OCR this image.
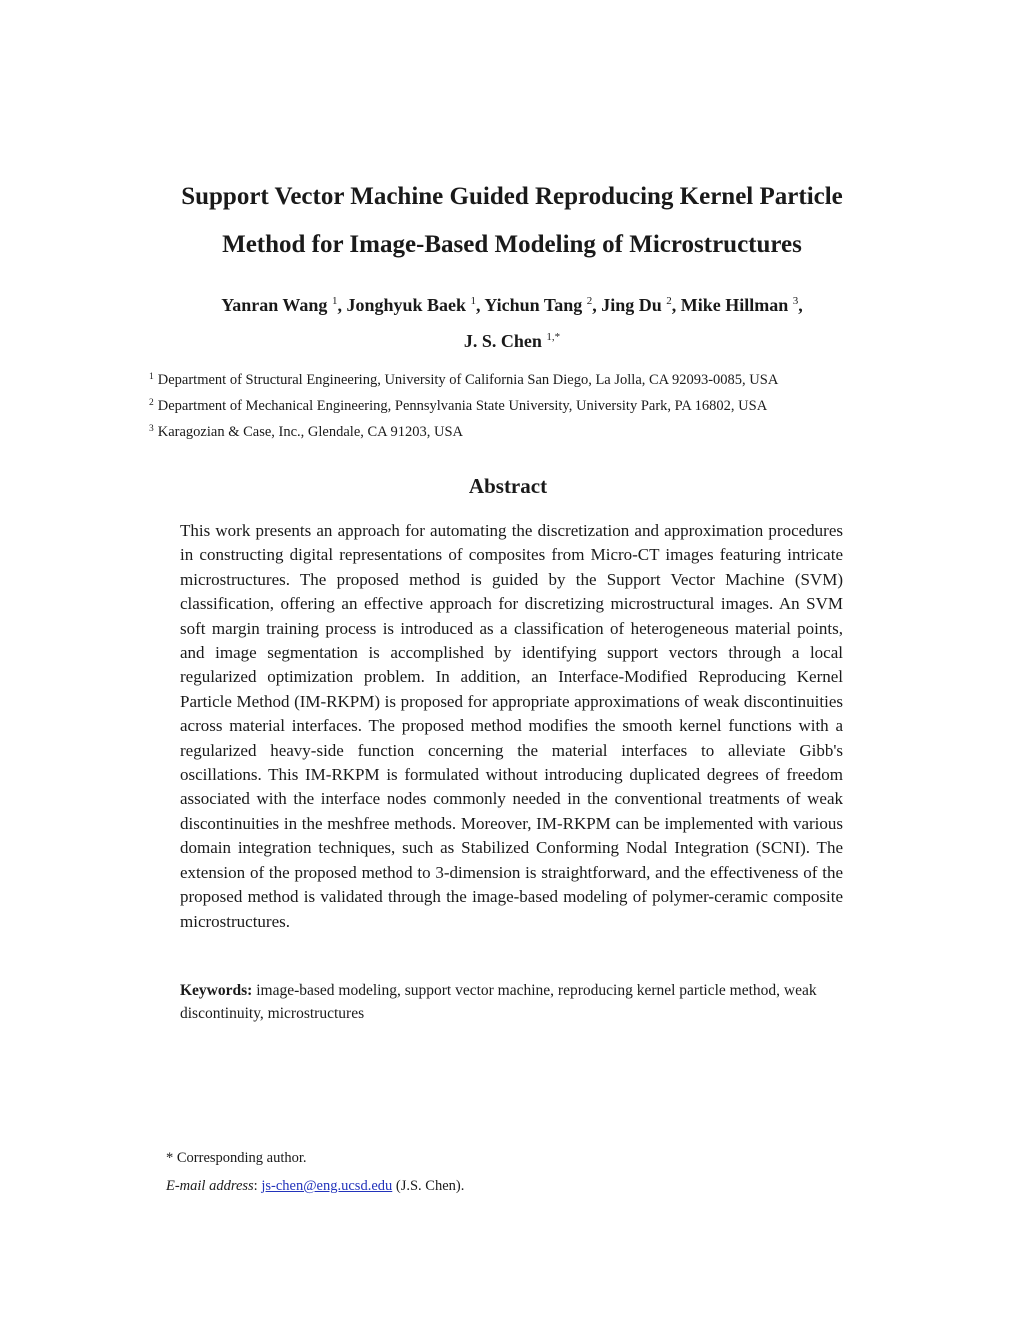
Support Vector Machine Guided Reproducing Kernel Particle
Method for Image-Based Modeling of Microstructures
Yanran Wang $^1$, Jonghyuk Baek $^1$, Yichun Tang $^2$, Jing Du $^2$, Mike Hillman $^3$,
J. S. Chen $^{1,*}$
$^1$ Department of Structural Engineering, University of California San Diego, La Jolla, CA 92093-0085, USA
$^2$ Department of Mechanical Engineering, Pennsylvania State University, University Park, PA 16802, USA
$^3$ Karagozian & Case, Inc., Glendale, CA 91203, USA
Abstract

This work presents an approach for automating the discretization and approximation procedures in constructing digital representations of composites from Micro-CT images featuring intricate microstructures. The proposed method is guided by the Support Vector Machine (SVM) classification, offering an effective approach for discretizing microstructural images. An SVM soft margin training process is introduced as a classification of heterogeneous material points, and image segmentation is accomplished by identifying support vectors through a local regularized optimization problem. In addition, an Interface-Modified Reproducing Kernel Particle Method (IM-RKPM) is proposed for appropriate approximations of weak discontinuities across material interfaces. The proposed method modifies the smooth kernel functions with a regularized heavy-side function concerning the material interfaces to alleviate Gibb's oscillations. This IM-RKPM is formulated without introducing duplicated degrees of freedom associated with the interface nodes commonly needed in the conventional treatments of weak discontinuities in the meshfree methods. Moreover, IM-RKPM can be implemented with various domain integration techniques, such as Stabilized Conforming Nodal Integration (SCNI). The extension of the proposed method to 3-dimension is straightforward, and the effectiveness of the proposed method is validated through the image-based modeling of polymer-ceramic composite microstructures.

Keywords: image-based modeling, support vector machine, reproducing kernel particle method, weak discontinuity, microstructures
* Corresponding author.
E-mail address: js-chen@eng.ucsd.edu (J.S. Chen).
